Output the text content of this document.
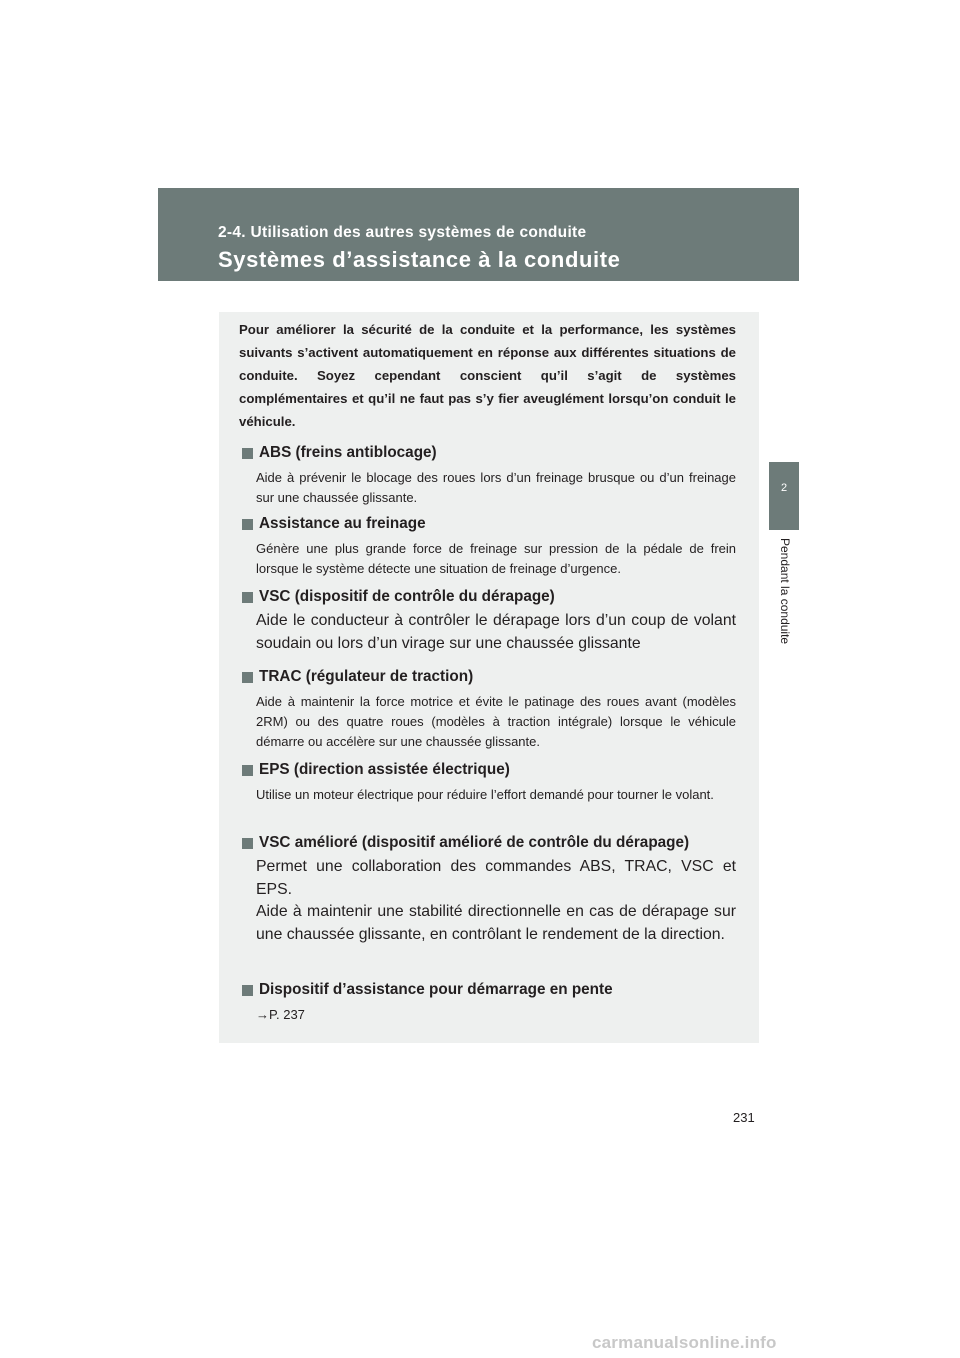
2-4. Utilisation des autres systèmes de conduite
Systèmes d’assistance à la conduite
2
Pendant la conduite

Pour améliorer la sécurité de la conduite et la performance, les systèmes suivants s’activent automatiquement en réponse aux différentes situations de conduite. Soyez cependant conscient qu’il s’agit de systèmes complémentaires et qu’il ne faut pas s’y fier aveuglément lorsqu’on conduit le véhicule.

ABS (freins antiblocage)

Aide à prévenir le blocage des roues lors d’un freinage brusque ou d’un freinage sur une chaussée glissante.

Assistance au freinage

Génère une plus grande force de freinage sur pression de la pédale de frein lorsque le système détecte une situation de freinage d’urgence.

VSC (dispositif de contrôle du dérapage)

Aide le conducteur à contrôler le dérapage lors d’un coup de volant soudain ou lors d’un virage sur une chaussée glissante

TRAC (régulateur de traction)

Aide à maintenir la force motrice et évite le patinage des roues avant (modèles 2RM) ou des quatre roues (modèles à traction intégrale) lorsque le véhicule démarre ou accélère sur une chaussée glissante.

EPS (direction assistée électrique)

Utilise un moteur électrique pour réduire l’effort demandé pour tourner le volant.

VSC amélioré (dispositif amélioré de contrôle du dérapage)

Permet une collaboration des commandes ABS, TRAC, VSC et EPS.

Aide à maintenir une stabilité directionnelle en cas de dérapage sur une chaussée glissante, en contrôlant le rendement de la direction.

Dispositif d’assistance pour démarrage en pente

→P. 237

231
carmanualsonline.info
